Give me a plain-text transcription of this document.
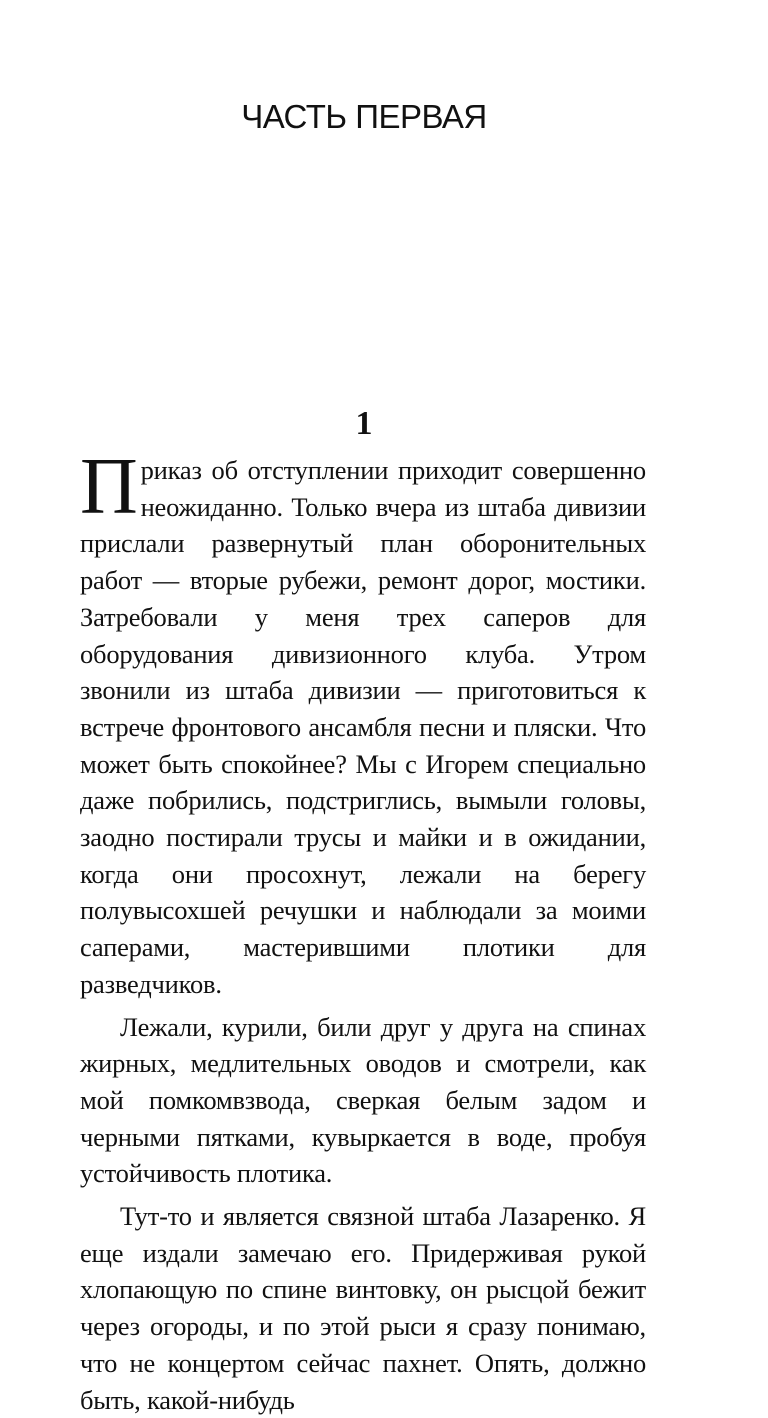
ЧАСТЬ ПЕРВАЯ
1

Приказ об отступлении приходит совершенно неожиданно. Только вчера из штаба дивизии прислали развернутый план оборонительных работ — вторые рубежи, ремонт дорог, мостики. Затребовали у меня трех саперов для оборудования дивизионного клуба. Утром звонили из штаба дивизии — приготовиться к встрече фронтового ансамбля песни и пляски. Что может быть спокойнее? Мы с Игорем специально даже побрились, подстриглись, вымыли головы, заодно постирали трусы и майки и в ожидании, когда они просохнут, лежали на берегу полувысохшей речушки и наблюдали за моими саперами, мастерившими плотики для разведчиков.

Лежали, курили, били друг у друга на спинах жирных, медлительных оводов и смотрели, как мой помкомвзвода, сверкая белым задом и черными пятками, кувыркается в воде, пробуя устойчивость плотика.

Тут-то и является связной штаба Лазаренко. Я еще издали замечаю его. Придерживая рукой хлопающую по спине винтовку, он рысцой бежит через огороды, и по этой рыси я сразу понимаю, что не концертом сейчас пахнет. Опять, должно быть, какой-нибудь
